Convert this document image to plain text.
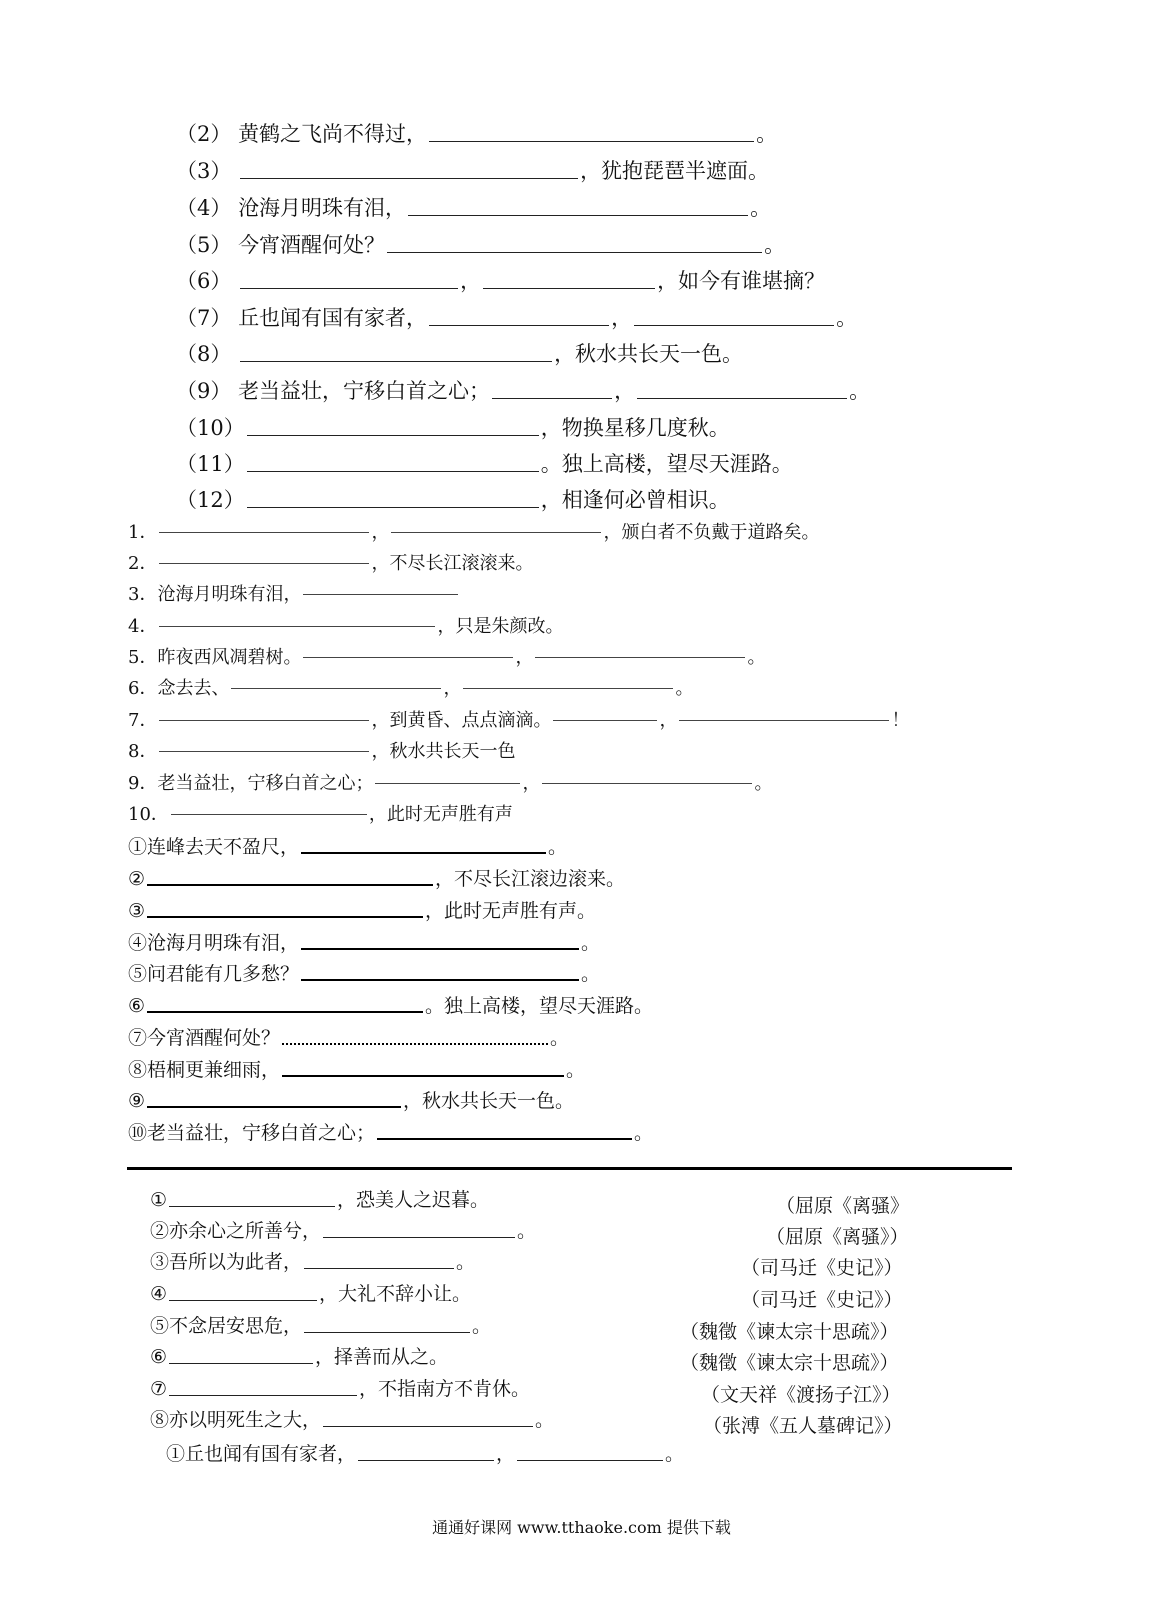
（2） 黄鹤之飞尚不得过，	。
（3）	，犹抱琵琶半遮面。
（4） 沧海月明珠有泪，	。
（5） 今宵酒醒何处？	。
（6）	，	，如今有谁堪摘？
（7） 丘也闻有国有家者，	，	。
（8）	，秋水共长天一色。
（9） 老当益壮，宁移白首之心；	，	。
（10）	，物换星移几度秋。
（11）	。独上高楼，望尽天涯路。
（12）	，相逢何必曾相识。
1．	，	，颁白者不负戴于道路矣。
2．	，不尽长江滚滚来。
3．沧海月明珠有泪，
4．	，只是朱颜改。
5．昨夜西风凋碧树。	，	。
6．念去去、	，	。
7．	，到黄昏、点点滴滴。	，	！
8．	，秋水共长天一色
9．老当益壮，宁移白首之心；	，	。
10．	，此时无声胜有声
①连峰去天不盈尺，	。
②	，不尽长江滚边滚来。
③	，此时无声胜有声。
④沧海月明珠有泪，	。
⑤问君能有几多愁？	。
⑥	。独上高楼，望尽天涯路。
⑦今宵酒醒何处？	。
⑧梧桐更兼细雨，	。
⑨	，秋水共长天一色。
⑩老当益壮，宁移白首之心；	。
①	，恐美人之迟暮。	（屈原《离骚》
②亦余心之所善兮，	。	（屈原《离骚》）
③吾所以为此者，	。	（司马迁《史记》）
④	，大礼不辞小让。	（司马迁《史记》）
⑤不念居安思危，	。	（魏徵《谏太宗十思疏》）
⑥	，择善而从之。	（魏徵《谏太宗十思疏》）
⑦	，不指南方不肯休。	（文天祥《渡扬子江》）
⑧亦以明死生之大，	。	（张溥《五人墓碑记》）
①丘也闻有国有家者，	，	。
通通好课网 www.tthaoke.com 提供下载
